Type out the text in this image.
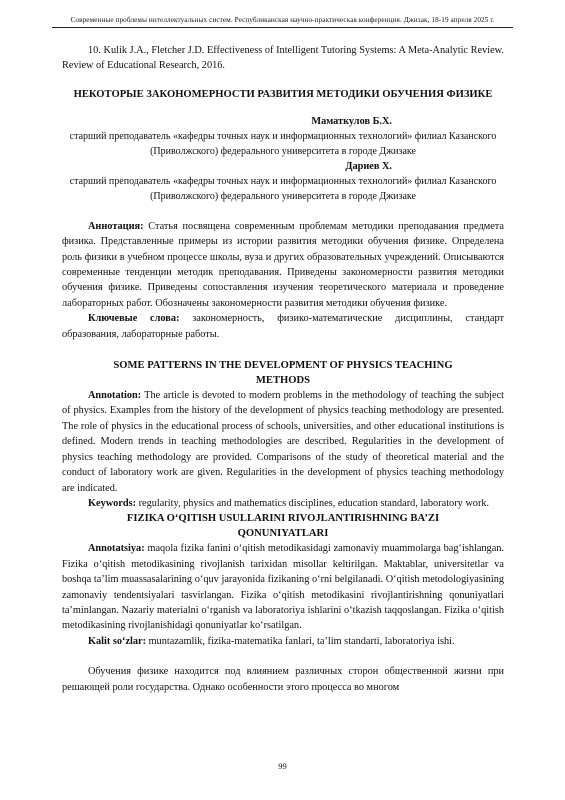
Современные проблемы интеллектуальных систем. Республиканская научно-практическая конференция. Джизак, 18-19 апреля 2025 г.

10. Kulik J.A., Fletcher J.D. Effectiveness of Intelligent Tutoring Systems: A Meta-Analytic Review. Review of Educational Research, 2016.

НЕКОТОРЫЕ ЗАКОНОМЕРНОСТИ РАЗВИТИЯ МЕТОДИКИ ОБУЧЕНИЯ ФИЗИКЕ
Маматкулов Б.Х.
старший преподаватель «кафедры точных наук и информационных технологий» филиал Казанского (Приволжского) федерального университета в городе Джизаке
Дариев Х.
старший преподаватель «кафедры точных наук и информационных технологий» филиал Казанского (Приволжского) федерального университета в городе Джизаке

Аннотация: Статья посвящена современным проблемам методики преподавания предмета физика. Представленные примеры из истории развития методики обучения физике. Определена роль физики в учебном процессе школы, вуза и других образовательных учреждений. Описываются современные тенденции методик преподавания. Приведены закономерности развития методики обучения физике. Приведены сопоставления изучения теоретического материала и проведение лабораторных работ. Обозначены закономерности развития методики обучения физике.

Ключевые слова: закономерность, физико-математические дисциплины, стандарт образования, лабораторные работы.

SOME PATTERNS IN THE DEVELOPMENT OF PHYSICS TEACHING METHODS

Annotation: The article is devoted to modern problems in the methodology of teaching the subject of physics. Examples from the history of the development of physics teaching methodology are presented. The role of physics in the educational process of schools, universities, and other educational institutions is defined. Modern trends in teaching methodologies are described. Regularities in the development of physics teaching methodology are provided. Comparisons of the study of theoretical material and the conduct of laboratory work are given. Regularities in the development of physics teaching methodology are indicated.

Keywords: regularity, physics and mathematics disciplines, education standard, laboratory work.

FIZIKA O‘QITISH USULLARINI RIVOJLANTIRISHNING BA’ZI QONUNIYATLARI

Annotatsiya: maqola fizika fanini o‘qitish metodikasidagi zamonaviy muammolarga bag‘ishlangan. Fizika o‘qitish metodikasining rivojlanish tarixidan misollar keltirilgan. Maktablar, universitetlar va boshqa ta’lim muassasalarining o‘quv jarayonida fizikaning o‘rni belgilanadi. O‘qitish metodologiyasining zamonaviy tendentsiyalari tasvirlangan. Fizika o‘qitish metodikasini rivojlantirishning qonuniyatlari ta’minlangan. Nazariy materialni o‘rganish va laboratoriya ishlarini o‘tkazish taqqoslangan. Fizika o‘qitish metodikasining rivojlanishidagi qonuniyatlar ko‘rsatilgan.

Kalit so‘zlar: muntazamlik, fizika-matematika fanlari, ta’lim standarti, laboratoriya ishi.

Обучения физике находится под влиянием различных сторон общественной жизни при решающей роли государства. Однако особенности этого процесса во многом

99
